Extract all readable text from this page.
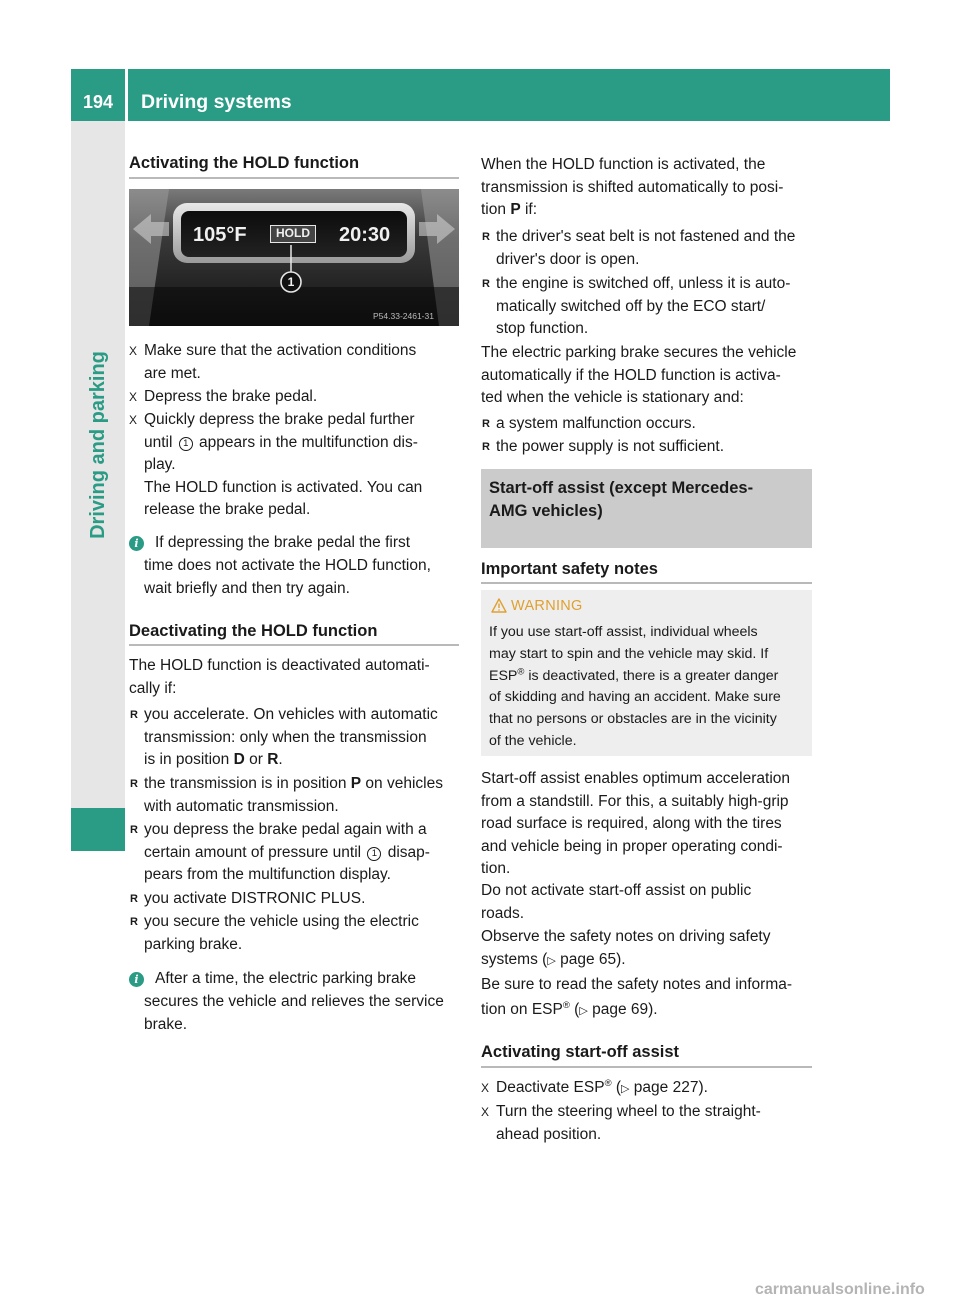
194	Driving systems
Driving and parking
Activating the HOLD function
105°F	HOLD	20:30
1
P54.33-2461-31
X Make sure that the activation conditions
are met.
X Depress the brake pedal.
X Quickly depress the brake pedal further
until 1 appears in the multifunction dis-
play.
The HOLD function is activated. You can
release the brake pedal.
i	If depressing the brake pedal the first
time does not activate the HOLD function,
wait briefly and then try again.
Deactivating the HOLD function
The HOLD function is deactivated automati-
cally if:
R you accelerate. On vehicles with automatic
transmission: only when the transmission
is in position D or R.
R the transmission is in position P on vehicles
with automatic transmission.
R you depress the brake pedal again with a
certain amount of pressure until 1 disap-
pears from the multifunction display.
R you activate DISTRONIC PLUS.
R you secure the vehicle using the electric
parking brake.
i	After a time, the electric parking brake
secures the vehicle and relieves the service
brake.
When the HOLD function is activated, the
transmission is shifted automatically to posi-
tion P if:
R the driver's seat belt is not fastened and the
driver's door is open.
R the engine is switched off, unless it is auto-
matically switched off by the ECO start/
stop function.
The electric parking brake secures the vehicle
automatically if the HOLD function is activa-
ted when the vehicle is stationary and:
R a system malfunction occurs.
R the power supply is not sufficient.
Start-off assist (except Mercedes-
AMG vehicles)
Important safety notes
WARNING
If you use start-off assist, individual wheels
may start to spin and the vehicle may skid. If
ESP® is deactivated, there is a greater danger
of skidding and having an accident. Make sure
that no persons or obstacles are in the vicinity
of the vehicle.
Start-off assist enables optimum acceleration
from a standstill. For this, a suitably high-grip
road surface is required, along with the tires
and vehicle being in proper operating condi-
tion.
Do not activate start-off assist on public
roads.
Observe the safety notes on driving safety
systems (▷ page 65).
Be sure to read the safety notes and informa-
tion on ESP® (▷ page 69).
Activating start-off assist
X Deactivate ESP® (▷ page 227).
X Turn the steering wheel to the straight-
ahead position.
carmanualsonline.info
